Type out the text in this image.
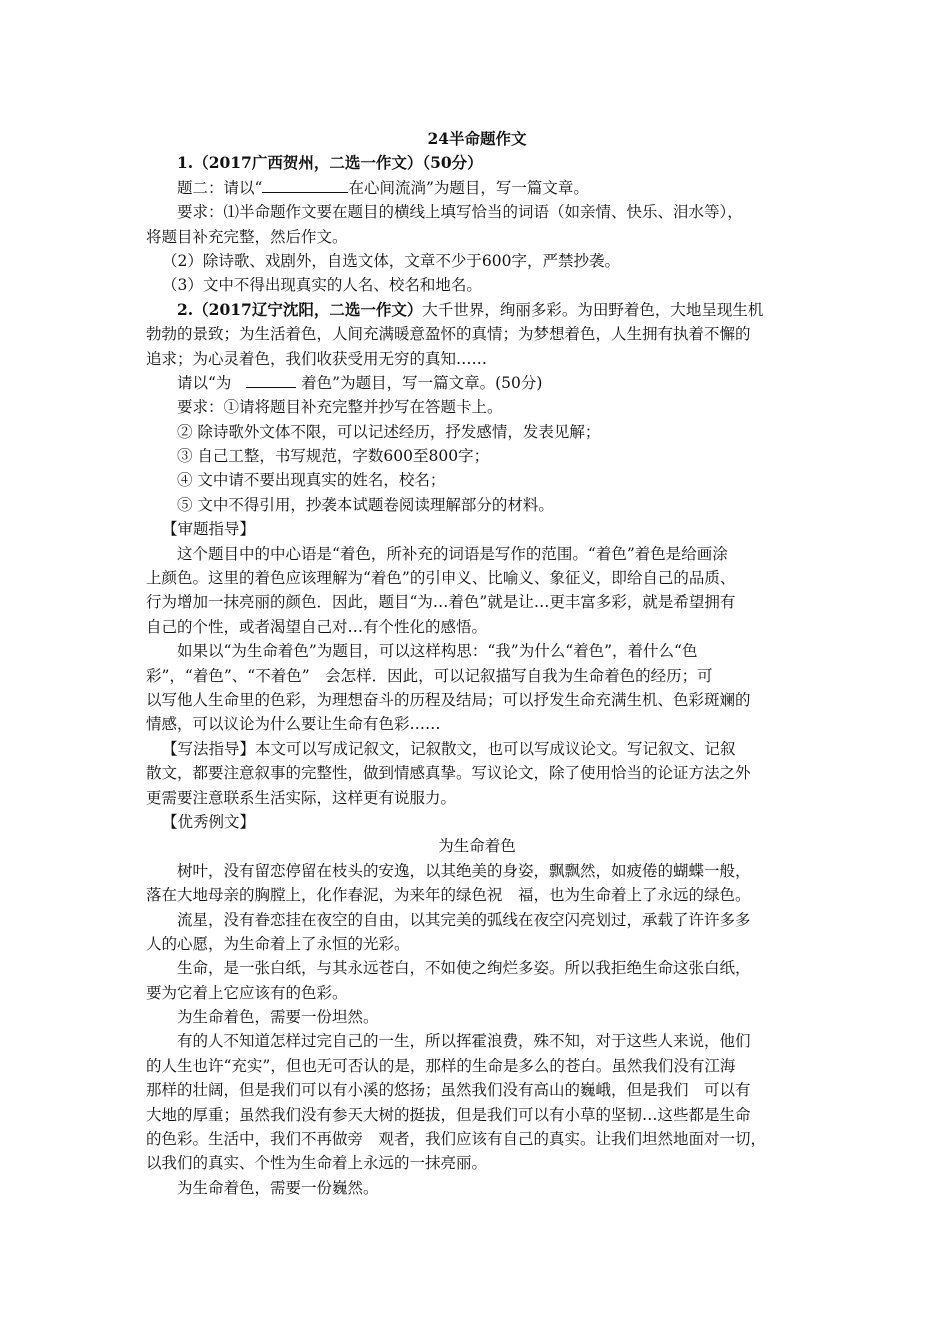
24半命题作文
1.（2017广西贺州，二选一作文）（50分）
题二：请以“	在心间流淌”为题目，写一篇文章。
要求：⑴半命题作文要在题目的横线上填写恰当的词语（如亲情、快乐、泪水等），
将题目补充完整，然后作文。
（2）除诗歌、戏剧外，自选文体，文章不少于600字，严禁抄袭。
（3）文中不得出现真实的人名、校名和地名。
2.（2017辽宁沈阳，二选一作文）大千世界，绚丽多彩。为田野着色，大地呈现生机
勃勃的景致；为生活着色，人间充满暖意盈怀的真情；为梦想着色，人生拥有执着不懈的
追求；为心灵着色，我们收获受用无穷的真知……
请以“为	着色”为题目，写一篇文章。(50分)
要求：①请将题目补充完整并抄写在答题卡上。
② 除诗歌外文体不限，可以记述经历，抒发感情，发表见解；
③ 自己工整，书写规范，字数600至800字；
④ 文中请不要出现真实的姓名，校名；
⑤ 文中不得引用，抄袭本试题卷阅读理解部分的材料。
【审题指导】
这个题目中的中心语是“着色，所补充的词语是写作的范围。“着色”着色是给画涂
上颜色。这里的着色应该理解为“着色”的引申义、比喻义、象征义，即给自己的品质、
行为增加一抹亮丽的颜色．因此，题目“为…着色”就是让…更丰富多彩，就是希望拥有
自己的个性，或者渴望自己对…有个性化的感悟。
如果以“为生命着色”为题目，可以这样构思：“我”为什么“着色”，着什么“色
彩”，“着色”、“不着色”　会怎样．因此，可以记叙描写自我为生命着色的经历；可
以写他人生命里的色彩，为理想奋斗的历程及结局；可以抒发生命充满生机、色彩斑斓的
情感，可以议论为什么要让生命有色彩……
【写法指导】本文可以写成记叙文，记叙散文，也可以写成议论文。写记叙文、记叙
散文，都要注意叙事的完整性，做到情感真挚。写议论文，除了使用恰当的论证方法之外
更需要注意联系生活实际，这样更有说服力。
【优秀例文】
为生命着色
树叶，没有留恋停留在枝头的安逸，以其绝美的身姿，飘飘然，如疲倦的蝴蝶一般，
落在大地母亲的胸膛上，化作春泥，为来年的绿色祝　福，也为生命着上了永远的绿色。
流星，没有眷恋挂在夜空的自由，以其完美的弧线在夜空闪亮划过，承载了许许多多
人的心愿，为生命着上了永恒的光彩。
生命，是一张白纸，与其永远苍白，不如使之绚烂多姿。所以我拒绝生命这张白纸，
要为它着上它应该有的色彩。
为生命着色，需要一份坦然。
有的人不知道怎样过完自己的一生，所以挥霍浪费，殊不知，对于这些人来说，他们
的人生也许“充实”，但也无可否认的是，那样的生命是多么的苍白。虽然我们没有江海
那样的壮阔，但是我们可以有小溪的悠扬；虽然我们没有高山的巍峨，但是我们　可以有
大地的厚重；虽然我们没有参天大树的挺拔，但是我们可以有小草的坚韧…这些都是生命
的色彩。生活中，我们不再做旁　观者，我们应该有自己的真实。让我们坦然地面对一切，
以我们的真实、个性为生命着上永远的一抹亮丽。
为生命着色，需要一份巍然。
